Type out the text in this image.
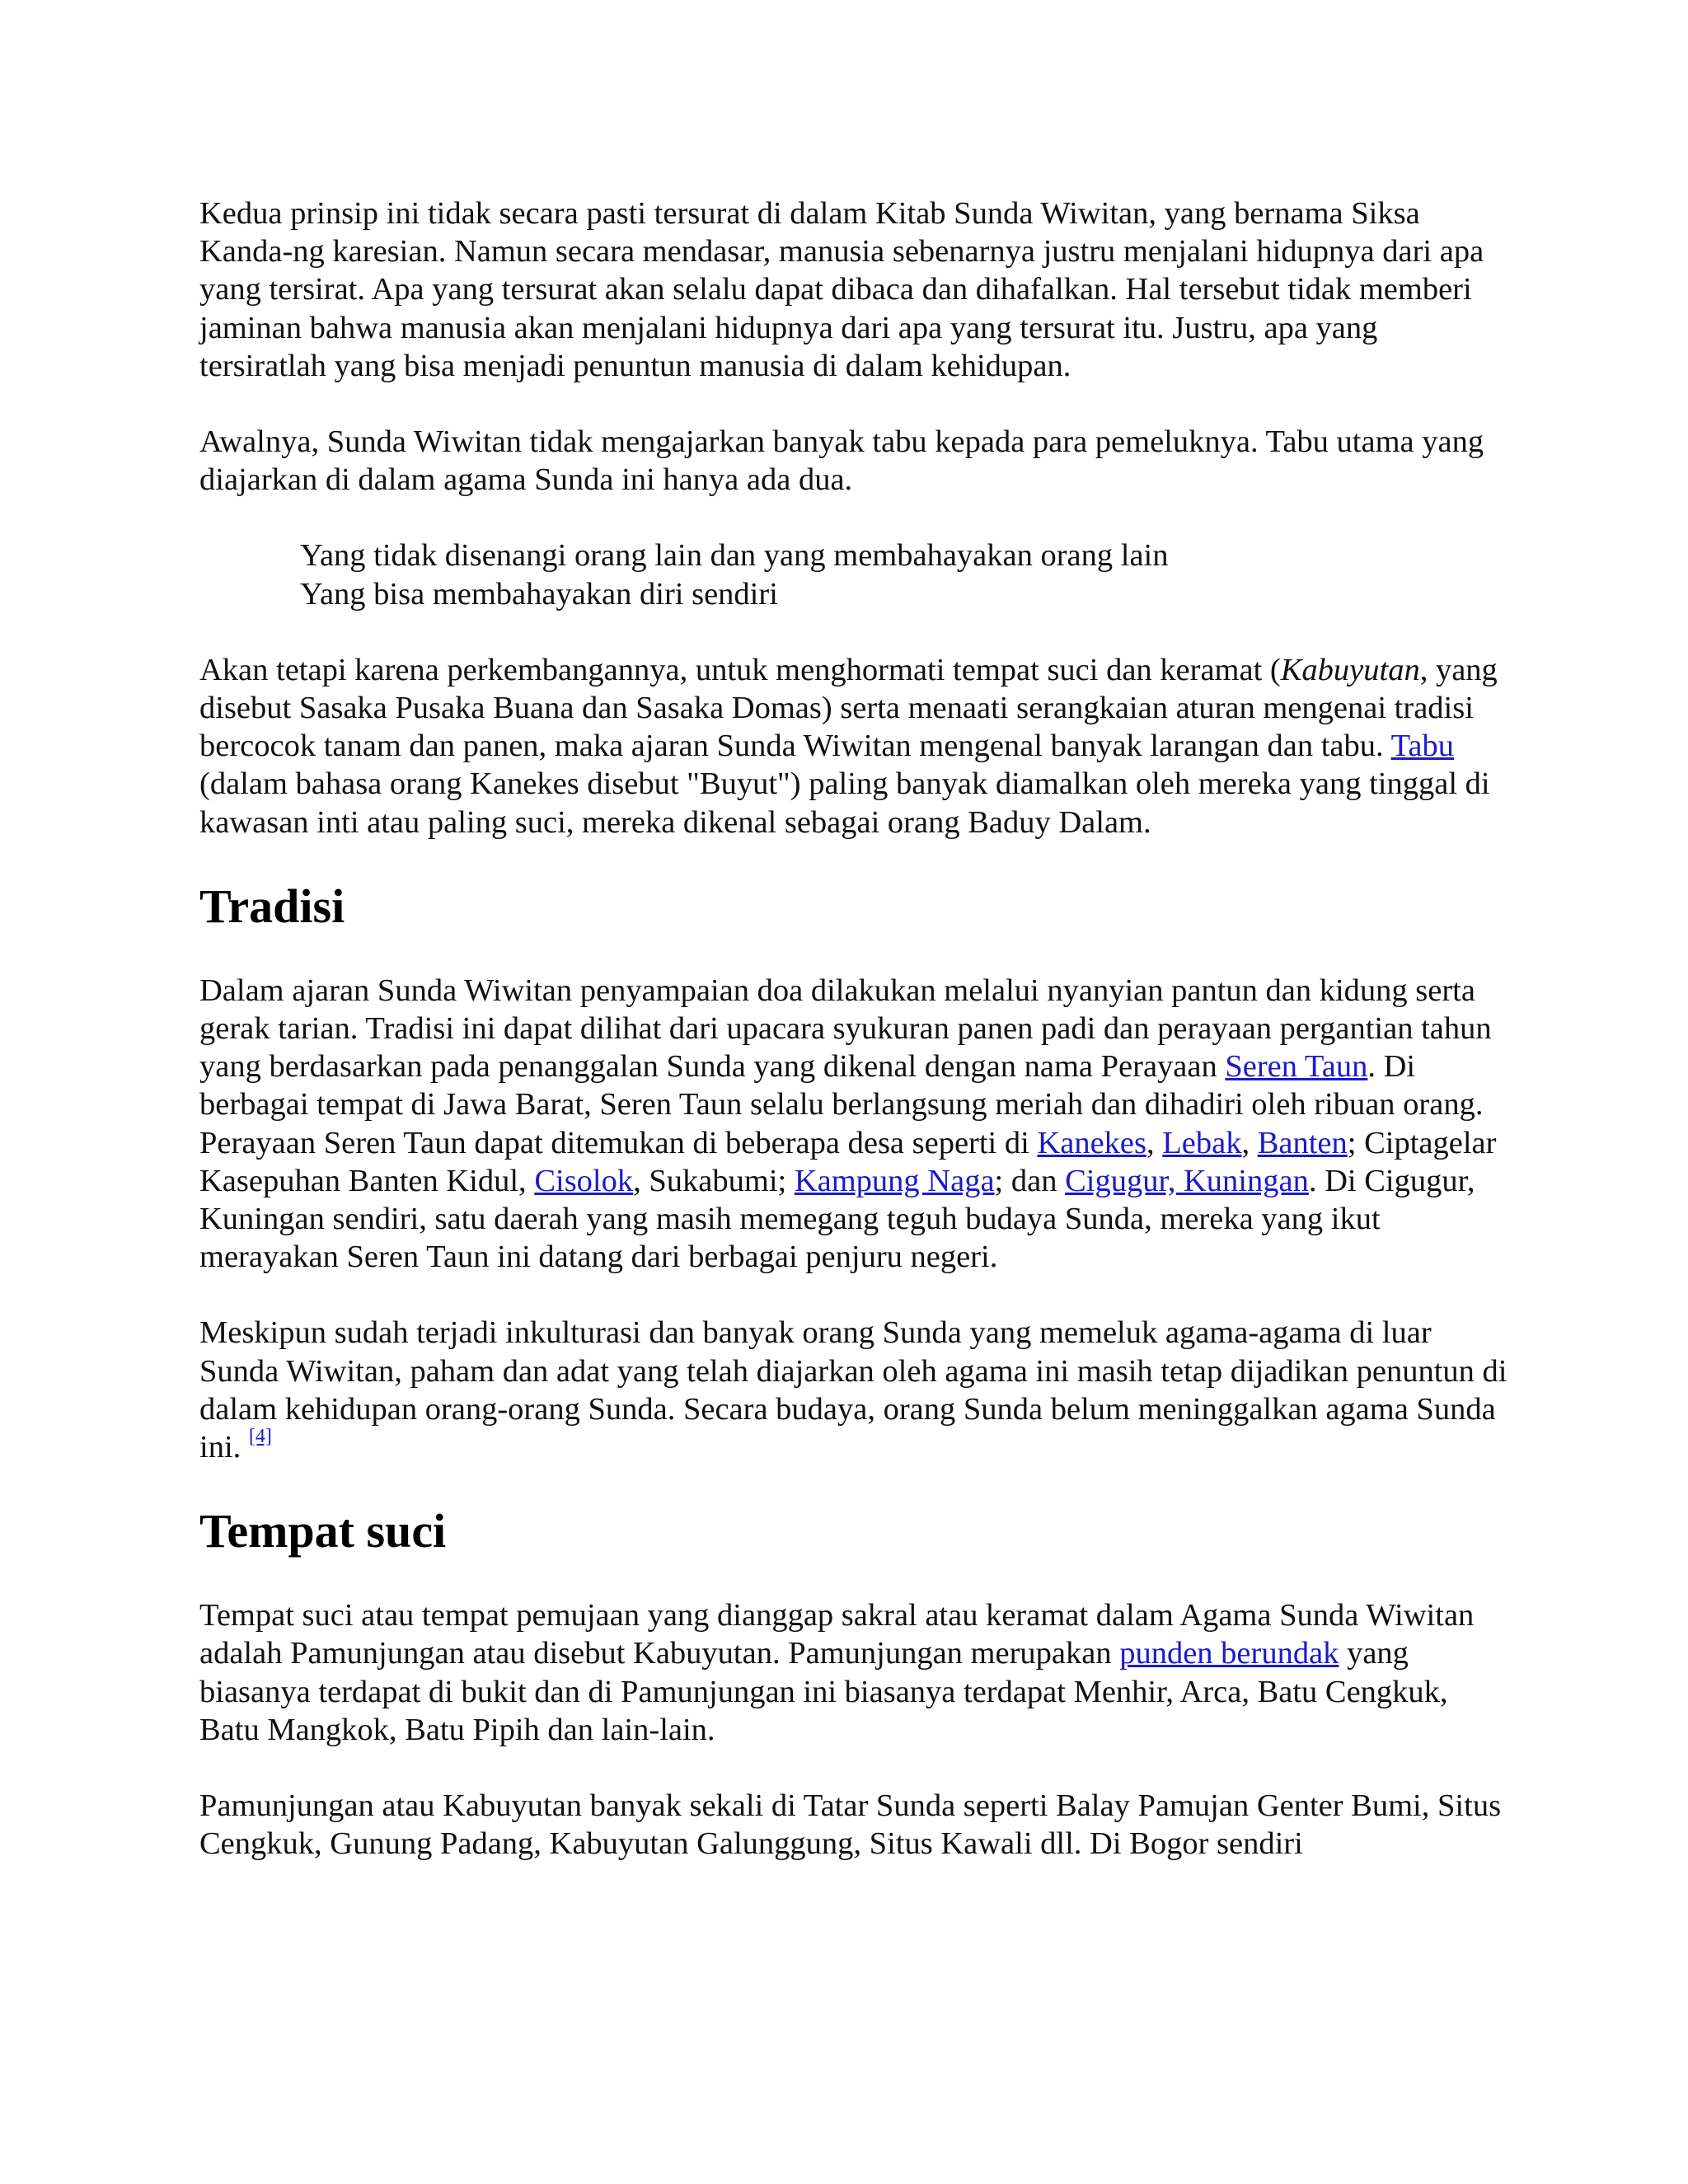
Kedua prinsip ini tidak secara pasti tersurat di dalam Kitab Sunda Wiwitan, yang bernama Siksa Kanda-ng karesian. Namun secara mendasar, manusia sebenarnya justru menjalani hidupnya dari apa yang tersirat. Apa yang tersurat akan selalu dapat dibaca dan dihafalkan. Hal tersebut tidak memberi jaminan bahwa manusia akan menjalani hidupnya dari apa yang tersurat itu. Justru, apa yang tersiratlah yang bisa menjadi penuntun manusia di dalam kehidupan.

Awalnya, Sunda Wiwitan tidak mengajarkan banyak tabu kepada para pemeluknya. Tabu utama yang diajarkan di dalam agama Sunda ini hanya ada dua.

Yang tidak disenangi orang lain dan yang membahayakan orang lain
Yang bisa membahayakan diri sendiri

Akan tetapi karena perkembangannya, untuk menghormati tempat suci dan keramat (Kabuyutan, yang disebut Sasaka Pusaka Buana dan Sasaka Domas) serta menaati serangkaian aturan mengenai tradisi bercocok tanam dan panen, maka ajaran Sunda Wiwitan mengenal banyak larangan dan tabu. Tabu (dalam bahasa orang Kanekes disebut "Buyut") paling banyak diamalkan oleh mereka yang tinggal di kawasan inti atau paling suci, mereka dikenal sebagai orang Baduy Dalam.

Tradisi

Dalam ajaran Sunda Wiwitan penyampaian doa dilakukan melalui nyanyian pantun dan kidung serta gerak tarian. Tradisi ini dapat dilihat dari upacara syukuran panen padi dan perayaan pergantian tahun yang berdasarkan pada penanggalan Sunda yang dikenal dengan nama Perayaan Seren Taun. Di berbagai tempat di Jawa Barat, Seren Taun selalu berlangsung meriah dan dihadiri oleh ribuan orang. Perayaan Seren Taun dapat ditemukan di beberapa desa seperti di Kanekes, Lebak, Banten; Ciptagelar Kasepuhan Banten Kidul, Cisolok, Sukabumi; Kampung Naga; dan Cigugur, Kuningan. Di Cigugur, Kuningan sendiri, satu daerah yang masih memegang teguh budaya Sunda, mereka yang ikut merayakan Seren Taun ini datang dari berbagai penjuru negeri.

Meskipun sudah terjadi inkulturasi dan banyak orang Sunda yang memeluk agama-agama di luar Sunda Wiwitan, paham dan adat yang telah diajarkan oleh agama ini masih tetap dijadikan penuntun di dalam kehidupan orang-orang Sunda. Secara budaya, orang Sunda belum meninggalkan agama Sunda ini. [4]

Tempat suci

Tempat suci atau tempat pemujaan yang dianggap sakral atau keramat dalam Agama Sunda Wiwitan adalah Pamunjungan atau disebut Kabuyutan. Pamunjungan merupakan punden berundak yang biasanya terdapat di bukit dan di Pamunjungan ini biasanya terdapat Menhir, Arca, Batu Cengkuk, Batu Mangkok, Batu Pipih dan lain-lain.

Pamunjungan atau Kabuyutan banyak sekali di Tatar Sunda seperti Balay Pamujan Genter Bumi, Situs Cengkuk, Gunung Padang, Kabuyutan Galunggung, Situs Kawali dll. Di Bogor sendiri
